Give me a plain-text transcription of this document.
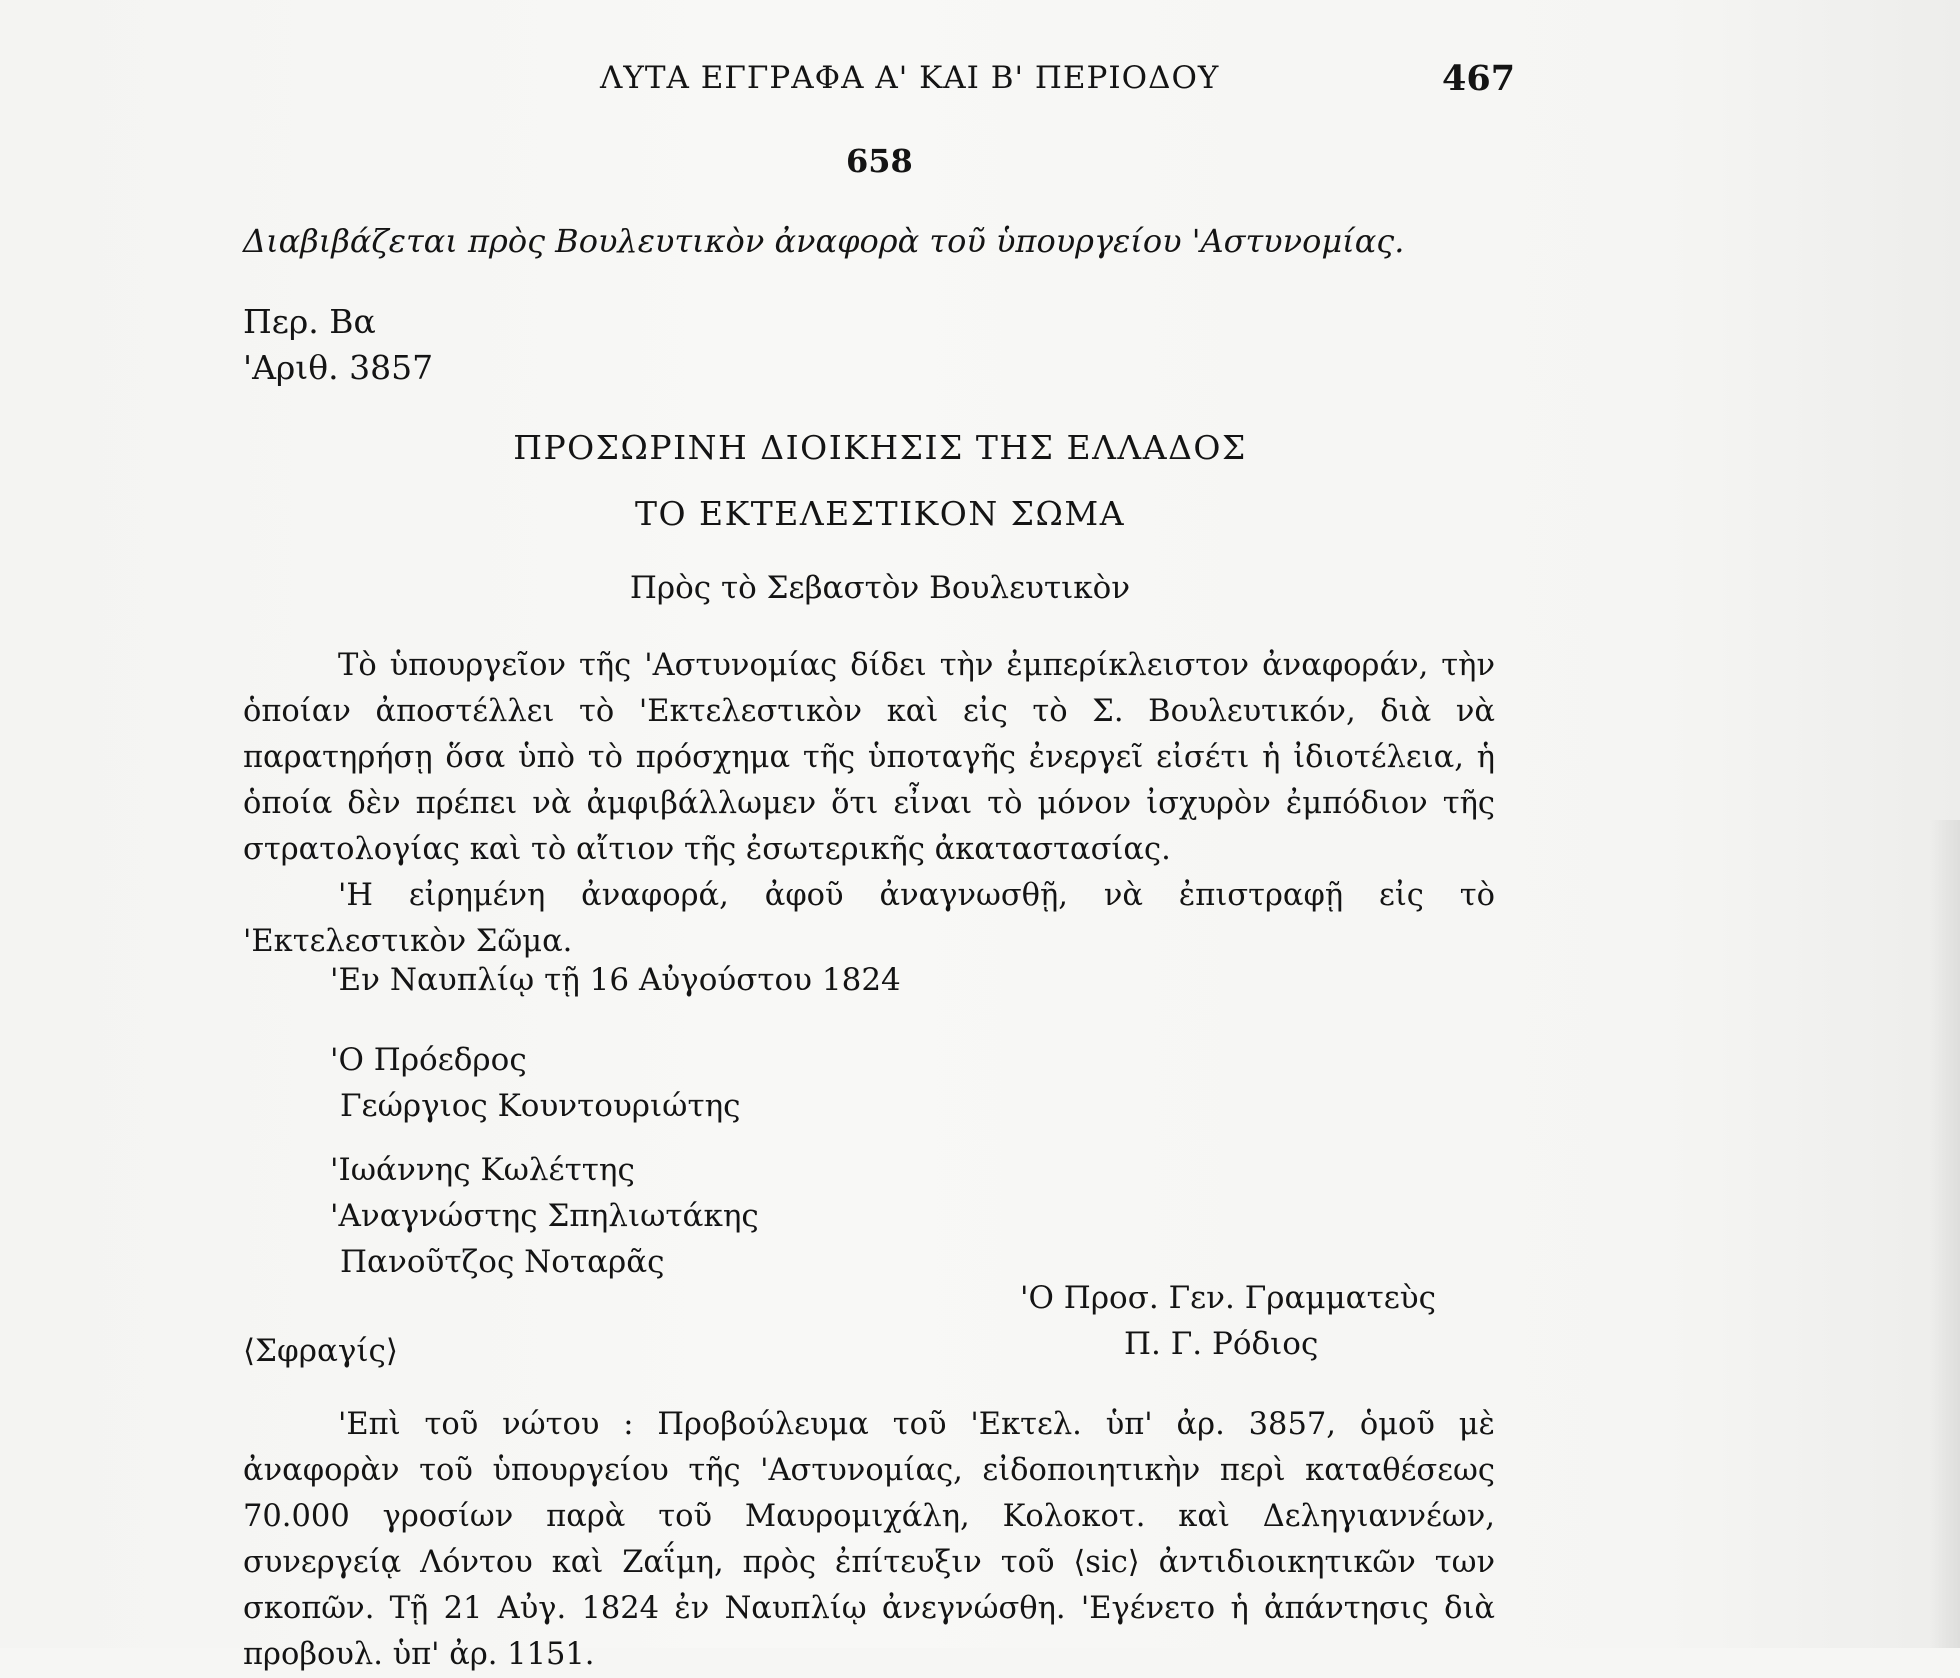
ΛΥΤΑ ΕΓΓΡΑΦΑ Α' ΚΑΙ Β' ΠΕΡΙΟΔΟΥ	467
658
Διαβιβάζεται πρὸς Βουλευτικὸν ἀναφορὰ τοῦ ὑπουργείου 'Αστυνομίας.
Περ. Βα
'Αριθ. 3857
ΠΡΟΣΩΡΙΝΗ ΔΙΟΙΚΗΣΙΣ ΤΗΣ ΕΛΛΑΔΟΣ
ΤΟ ΕΚΤΕΛΕΣΤΙΚΟΝ ΣΩΜΑ
Πρὸς τὸ Σεβαστὸν Βουλευτικὸν

Τὸ ὑπουργεῖον τῆς 'Αστυνομίας δίδει τὴν ἐμπερίκλειστον ἀναφοράν, τὴν ὁποίαν ἀποστέλλει τὸ 'Εκτελεστικὸν καὶ εἰς τὸ Σ. Βουλευτικόν, διὰ νὰ παρατηρήσῃ ὅσα ὑπὸ τὸ πρόσχημα τῆς ὑποταγῆς ἐνεργεῖ εἰσέτι ἡ ἰδιοτέλεια, ἡ ὁποία δὲν πρέπει νὰ ἀμφιβάλλωμεν ὅτι εἶναι τὸ μόνον ἰσχυρὸν ἐμπόδιον τῆς στρατολογίας καὶ τὸ αἴτιον τῆς ἐσωτερικῆς ἀκαταστασίας.

'Η εἰρημένη ἀναφορά, ἀφοῦ ἀναγνωσθῇ, νὰ ἐπιστραφῇ εἰς τὸ 'Εκτελεστικὸν Σῶμα.

'Εν Ναυπλίῳ τῇ 16 Αὐγούστου 1824
'Ο Πρόεδρος
Γεώργιος Κουντουριώτης
'Ιωάννης Κωλέττης
'Αναγνώστης Σπηλιωτάκης
Πανοῦτζος Νοταρᾶς
'Ο Προσ. Γεν. Γραμματεὺς
Π. Γ. Ρόδιος
⟨Σφραγίς⟩

'Επὶ τοῦ νώτου : Προβούλευμα τοῦ 'Εκτελ. ὑπ' ἀρ. 3857, ὁμοῦ μὲ ἀναφορὰν τοῦ ὑπουργείου τῆς 'Αστυνομίας, εἰδοποιητικὴν περὶ καταθέσεως 70.000 γροσίων παρὰ τοῦ Μαυρομιχάλη, Κολοκοτ. καὶ Δεληγιαννέων, συνεργείᾳ Λόντου καὶ Ζαΐμη, πρὸς ἐπίτευξιν τοῦ ⟨sic⟩ ἀντιδιοικητικῶν των σκοπῶν. Τῇ 21 Αὐγ. 1824 ἐν Ναυπλίῳ ἀνεγνώσθη. 'Εγένετο ἡ ἀπάντησις διὰ προβουλ. ὑπ' ἀρ. 1151.
